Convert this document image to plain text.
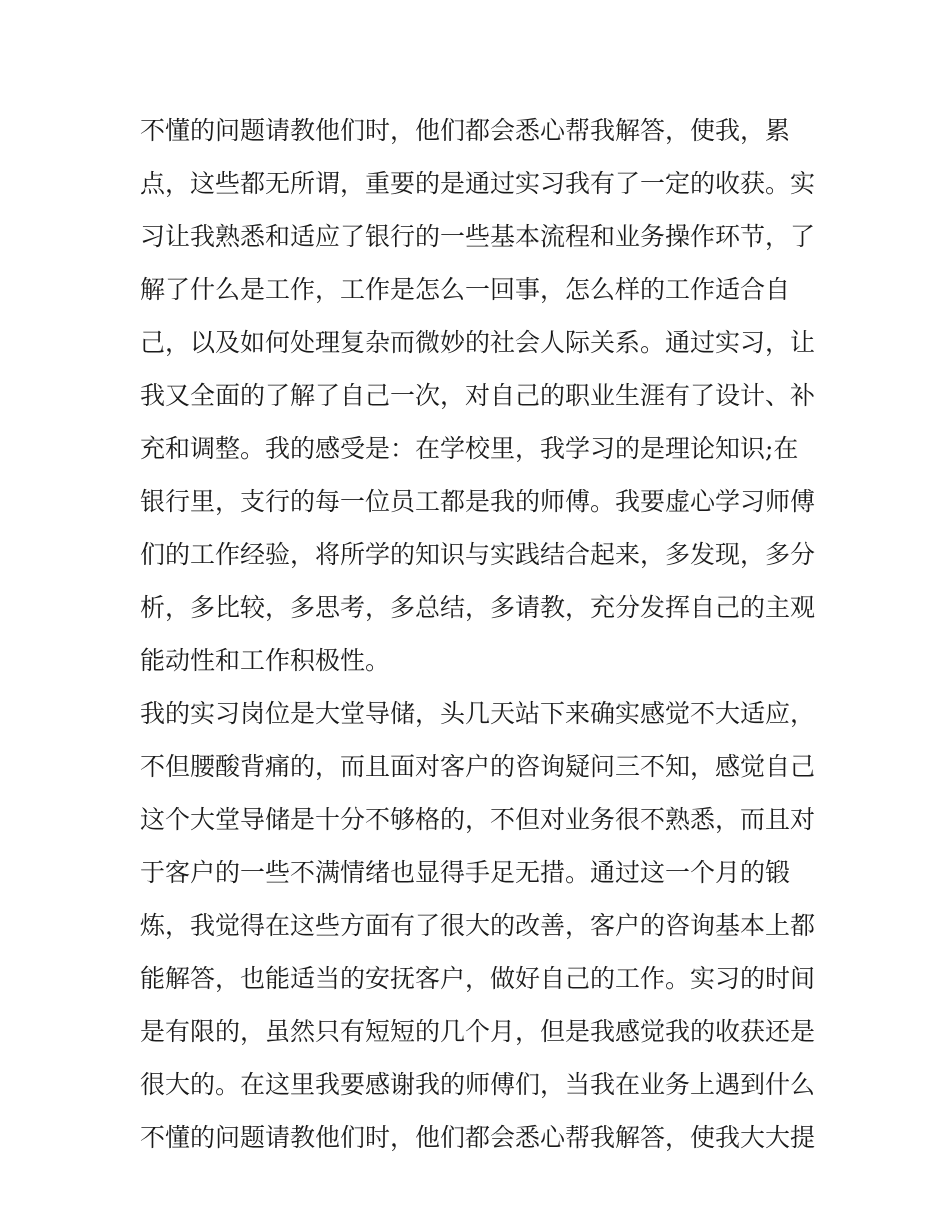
不懂的问题请教他们时，他们都会悉心帮我解答，使我，累
点，这些都无所谓，重要的是通过实习我有了一定的收获。实
习让我熟悉和适应了银行的一些基本流程和业务操作环节，了
解了什么是工作，工作是怎么一回事，怎么样的工作适合自
己，以及如何处理复杂而微妙的社会人际关系。通过实习，让
我又全面的了解了自己一次，对自己的职业生涯有了设计、补
充和调整。我的感受是：在学校里，我学习的是理论知识;在
银行里，支行的每一位员工都是我的师傅。我要虚心学习师傅
们的工作经验，将所学的知识与实践结合起来，多发现，多分
析，多比较，多思考，多总结，多请教，充分发挥自己的主观
能动性和工作积极性。
我的实习岗位是大堂导储，头几天站下来确实感觉不大适应，
不但腰酸背痛的，而且面对客户的咨询疑问三不知，感觉自己
这个大堂导储是十分不够格的，不但对业务很不熟悉，而且对
于客户的一些不满情绪也显得手足无措。通过这一个月的锻
炼，我觉得在这些方面有了很大的改善，客户的咨询基本上都
能解答，也能适当的安抚客户，做好自己的工作。实习的时间
是有限的，虽然只有短短的几个月，但是我感觉我的收获还是
很大的。在这里我要感谢我的师傅们，当我在业务上遇到什么
不懂的问题请教他们时，他们都会悉心帮我解答，使我大大提
